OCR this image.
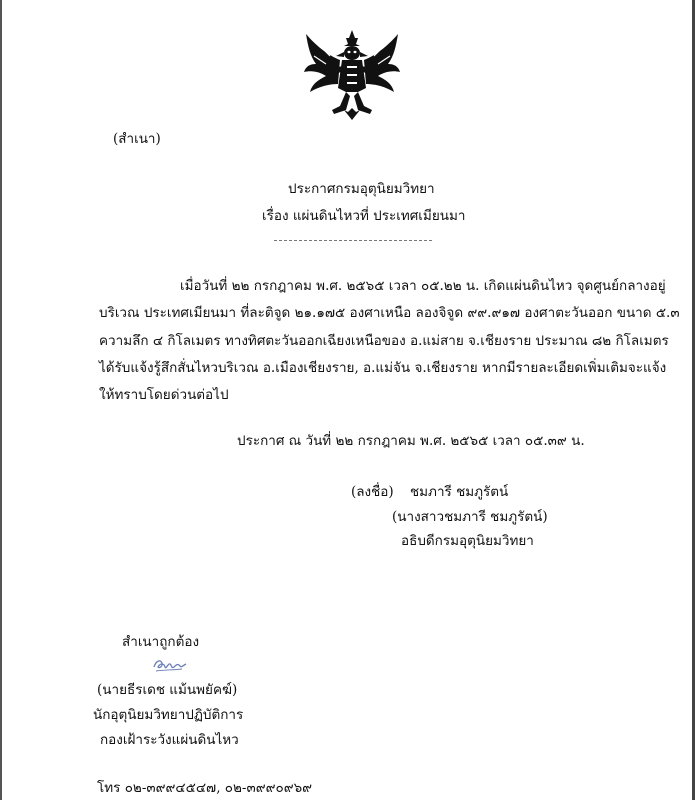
(สำเนา)
ประกาศกรมอุตุนิยมวิทยา
เรื่อง แผ่นดินไหวที่ ประเทศเมียนมา
เมื่อวันที่ ๒๒ กรกฎาคม พ.ศ. ๒๕๖๕ เวลา ๐๕.๒๒ น. เกิดแผ่นดินไหว จุดศูนย์กลางอยู่
บริเวณ ประเทศเมียนมา ที่ละติจูด ๒๑.๑๗๕ องศาเหนือ ลองจิจูด ๙๙.๙๑๗ องศาตะวันออก ขนาด ๕.๓
ความลึก ๔ กิโลเมตร ทางทิศตะวันออกเฉียงเหนือของ อ.แม่สาย จ.เชียงราย ประมาณ ๘๒ กิโลเมตร
ได้รับแจ้งรู้สึกสั่นไหวบริเวณ อ.เมืองเชียงราย, อ.แม่จัน จ.เชียงราย หากมีรายละเอียดเพิ่มเติมจะแจ้ง
ให้ทราบโดยด่วนต่อไป
ประกาศ ณ วันที่ ๒๒ กรกฎาคม พ.ศ. ๒๕๖๕ เวลา ๐๕.๓๙ น.
(ลงชื่อ) ชมภารี ชมภูรัตน์
(นางสาวชมภารี ชมภูรัตน์)
อธิบดีกรมอุตุนิยมวิทยา
สำเนาถูกต้อง
(นายธีรเดช แม้นพยัคฆ์)
นักอุตุนิยมวิทยาปฏิบัติการ
กองเฝ้าระวังแผ่นดินไหว
โทร ๐๒-๓๙๙๔๕๔๗, ๐๒-๓๙๙๐๙๖๙
